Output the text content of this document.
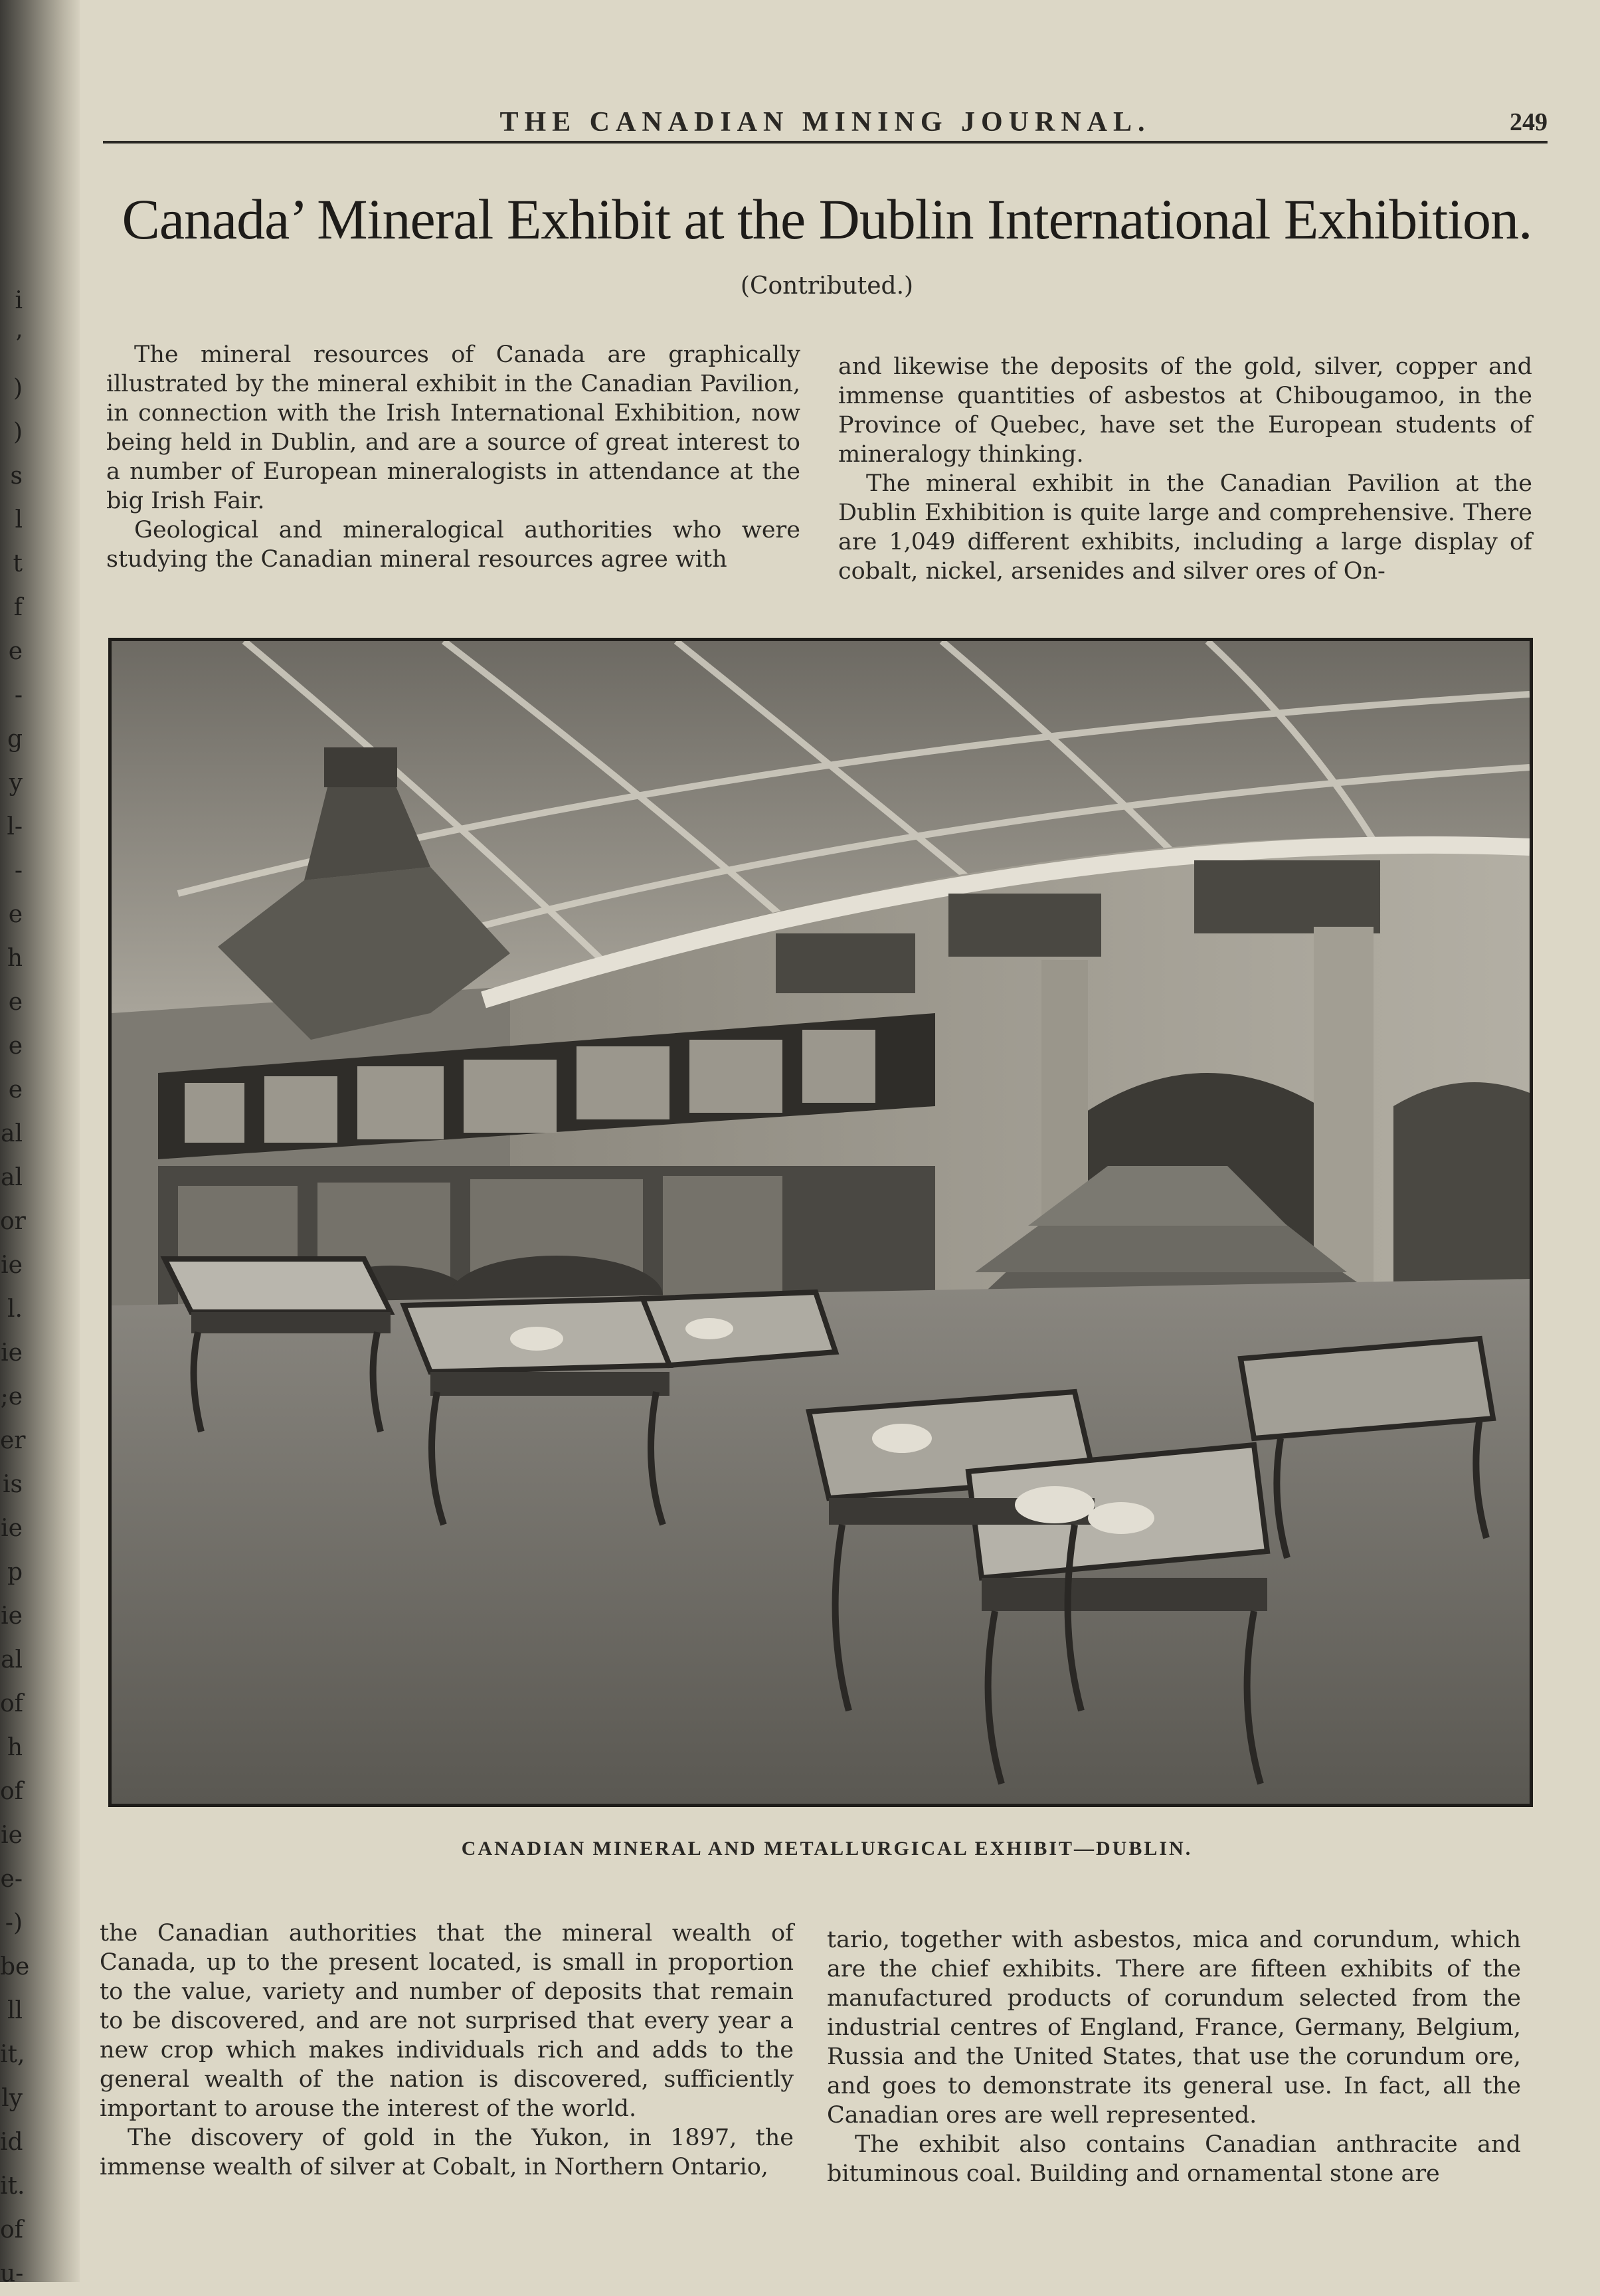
i ’ ) ) s l t f e - g y l- - e h e e e al al or ie l. ie ;e er is ie p ie al of h of ie e- -) be ll it, ly id it. of u-
THE CANADIAN MINING JOURNAL.	249
Canada’ Mineral Exhibit at the Dublin International Exhibition.
(Contributed.)

The mineral resources of Canada are graphically illustrated by the mineral exhibit in the Canadian Pavilion, in connection with the Irish International Exhibition, now being held in Dublin, and are a source of great interest to a number of European mineralogists in attendance at the big Irish Fair.

Geological and mineralogical authorities who were studying the Canadian mineral resources agree with

and likewise the deposits of the gold, silver, copper and immense quantities of asbestos at Chibougamoo, in the Province of Quebec, have set the European students of mineralogy thinking.

The mineral exhibit in the Canadian Pavilion at the Dublin Exhibition is quite large and comprehensive. There are 1,049 different exhibits, including a large display of cobalt, nickel, arsenides and silver ores of On-

CANADIAN MINERAL AND METALLURGICAL EXHIBIT—DUBLIN.

the Canadian authorities that the mineral wealth of Canada, up to the present located, is small in proportion to the value, variety and number of deposits that remain to be discovered, and are not surprised that every year a new crop which makes individuals rich and adds to the general wealth of the nation is discovered, sufficiently important to arouse the interest of the world.

The discovery of gold in the Yukon, in 1897, the immense wealth of silver at Cobalt, in Northern Ontario,

tario, together with asbestos, mica and corundum, which are the chief exhibits. There are fifteen exhibits of the manufactured products of corundum selected from the industrial centres of England, France, Germany, Belgium, Russia and the United States, that use the corundum ore, and goes to demonstrate its general use. In fact, all the Canadian ores are well represented.

The exhibit also contains Canadian anthracite and bituminous coal. Building and ornamental stone are
